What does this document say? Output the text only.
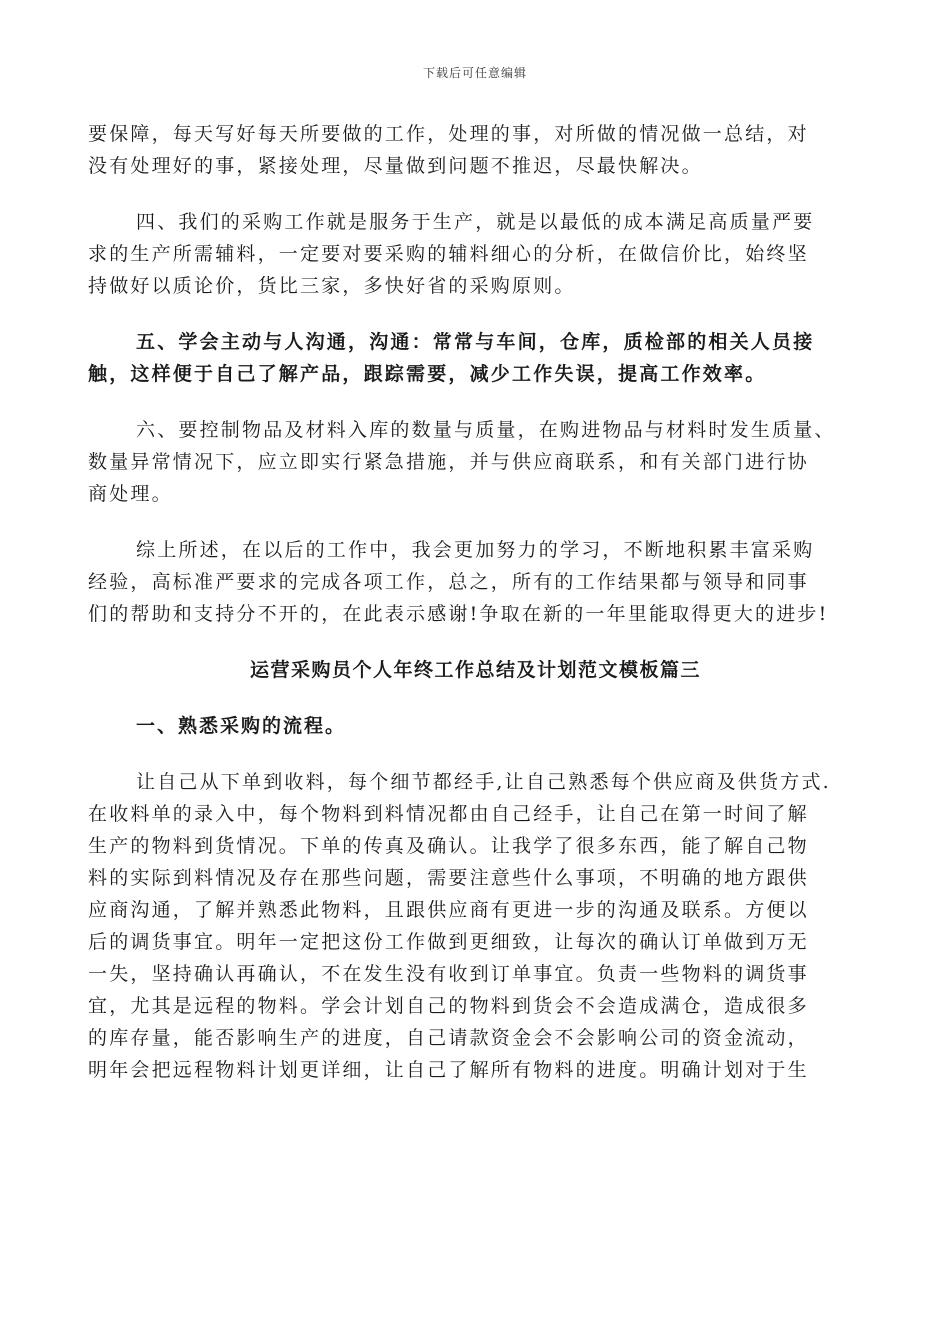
下载后可任意编辑

要保障，每天写好每天所要做的工作，处理的事，对所做的情况做一总结，对
没有处理好的事，紧接处理，尽量做到问题不推迟，尽最快解决。

四、我们的采购工作就是服务于生产，就是以最低的成本满足高质量严要
求的生产所需辅料，一定要对要采购的辅料细心的分析，在做信价比，始终坚
持做好以质论价，货比三家，多快好省的采购原则。

五、学会主动与人沟通，沟通：常常与车间，仓库，质检部的相关人员接
触，这样便于自己了解产品，跟踪需要，减少工作失误，提高工作效率。

六、要控制物品及材料入库的数量与质量，在购进物品与材料时发生质量、
数量异常情况下，应立即实行紧急措施，并与供应商联系，和有关部门进行协
商处理。

综上所述，在以后的工作中，我会更加努力的学习，不断地积累丰富采购
经验，高标准严要求的完成各项工作，总之，所有的工作结果都与领导和同事
们的帮助和支持分不开的，在此表示感谢!争取在新的一年里能取得更大的进步!

运营采购员个人年终工作总结及计划范文模板篇三

一、熟悉采购的流程。

让自己从下单到收料，每个细节都经手,让自己熟悉每个供应商及供货方式.
在收料单的录入中，每个物料到料情况都由自己经手，让自己在第一时间了解
生产的物料到货情况。下单的传真及确认。让我学了很多东西，能了解自己物
料的实际到料情况及存在那些问题，需要注意些什么事项，不明确的地方跟供
应商沟通，了解并熟悉此物料，且跟供应商有更进一步的沟通及联系。方便以
后的调货事宜。明年一定把这份工作做到更细致，让每次的确认订单做到万无
一失，坚持确认再确认，不在发生没有收到订单事宜。负责一些物料的调货事
宜，尤其是远程的物料。学会计划自己的物料到货会不会造成满仓，造成很多
的库存量，能否影响生产的进度，自己请款资金会不会影响公司的资金流动，
明年会把远程物料计划更详细，让自己了解所有物料的进度。明确计划对于生
